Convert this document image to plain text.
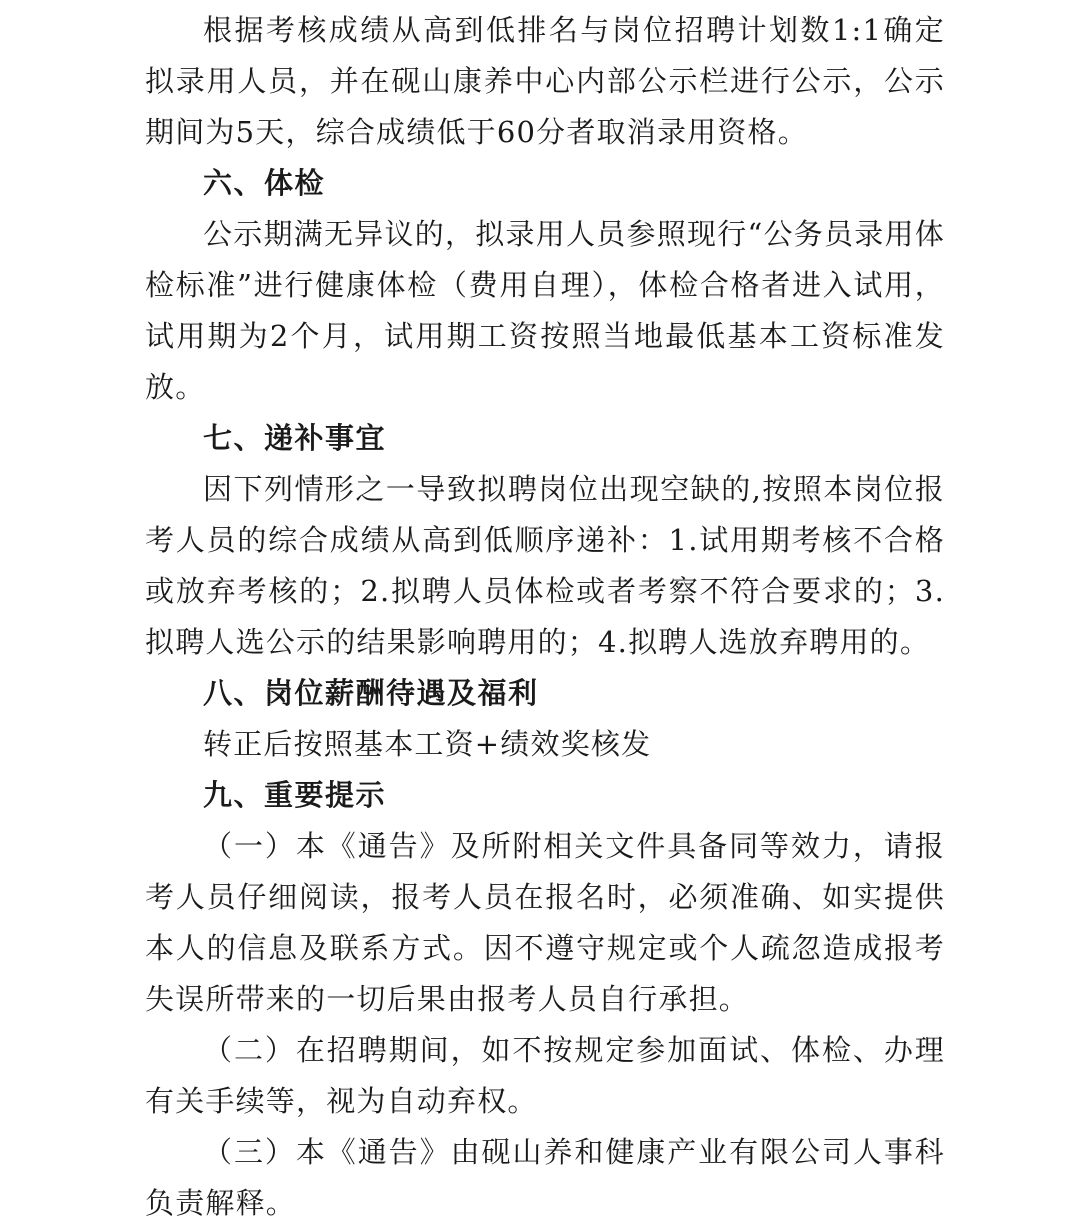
根据考核成绩从高到低排名与岗位招聘计划数1:1确定拟录用人员，并在砚山康养中心内部公示栏进行公示，公示期间为5天，综合成绩低于60分者取消录用资格。

六、体检

公示期满无异议的，拟录用人员参照现行“公务员录用体检标准”进行健康体检（费用自理），体检合格者进入试用，试用期为2个月，试用期工资按照当地最低基本工资标准发放。

七、递补事宜

因下列情形之一导致拟聘岗位出现空缺的,按照本岗位报考人员的综合成绩从高到低顺序递补：1.试用期考核不合格或放弃考核的；2.拟聘人员体检或者考察不符合要求的；3.拟聘人选公示的结果影响聘用的；4.拟聘人选放弃聘用的。

八、岗位薪酬待遇及福利

转正后按照基本工资+绩效奖核发

九、重要提示

（一）本《通告》及所附相关文件具备同等效力，请报考人员仔细阅读，报考人员在报名时，必须准确、如实提供本人的信息及联系方式。因不遵守规定或个人疏忽造成报考失误所带来的一切后果由报考人员自行承担。

（二）在招聘期间，如不按规定参加面试、体检、办理有关手续等，视为自动弃权。

（三）本《通告》由砚山养和健康产业有限公司人事科负责解释。
